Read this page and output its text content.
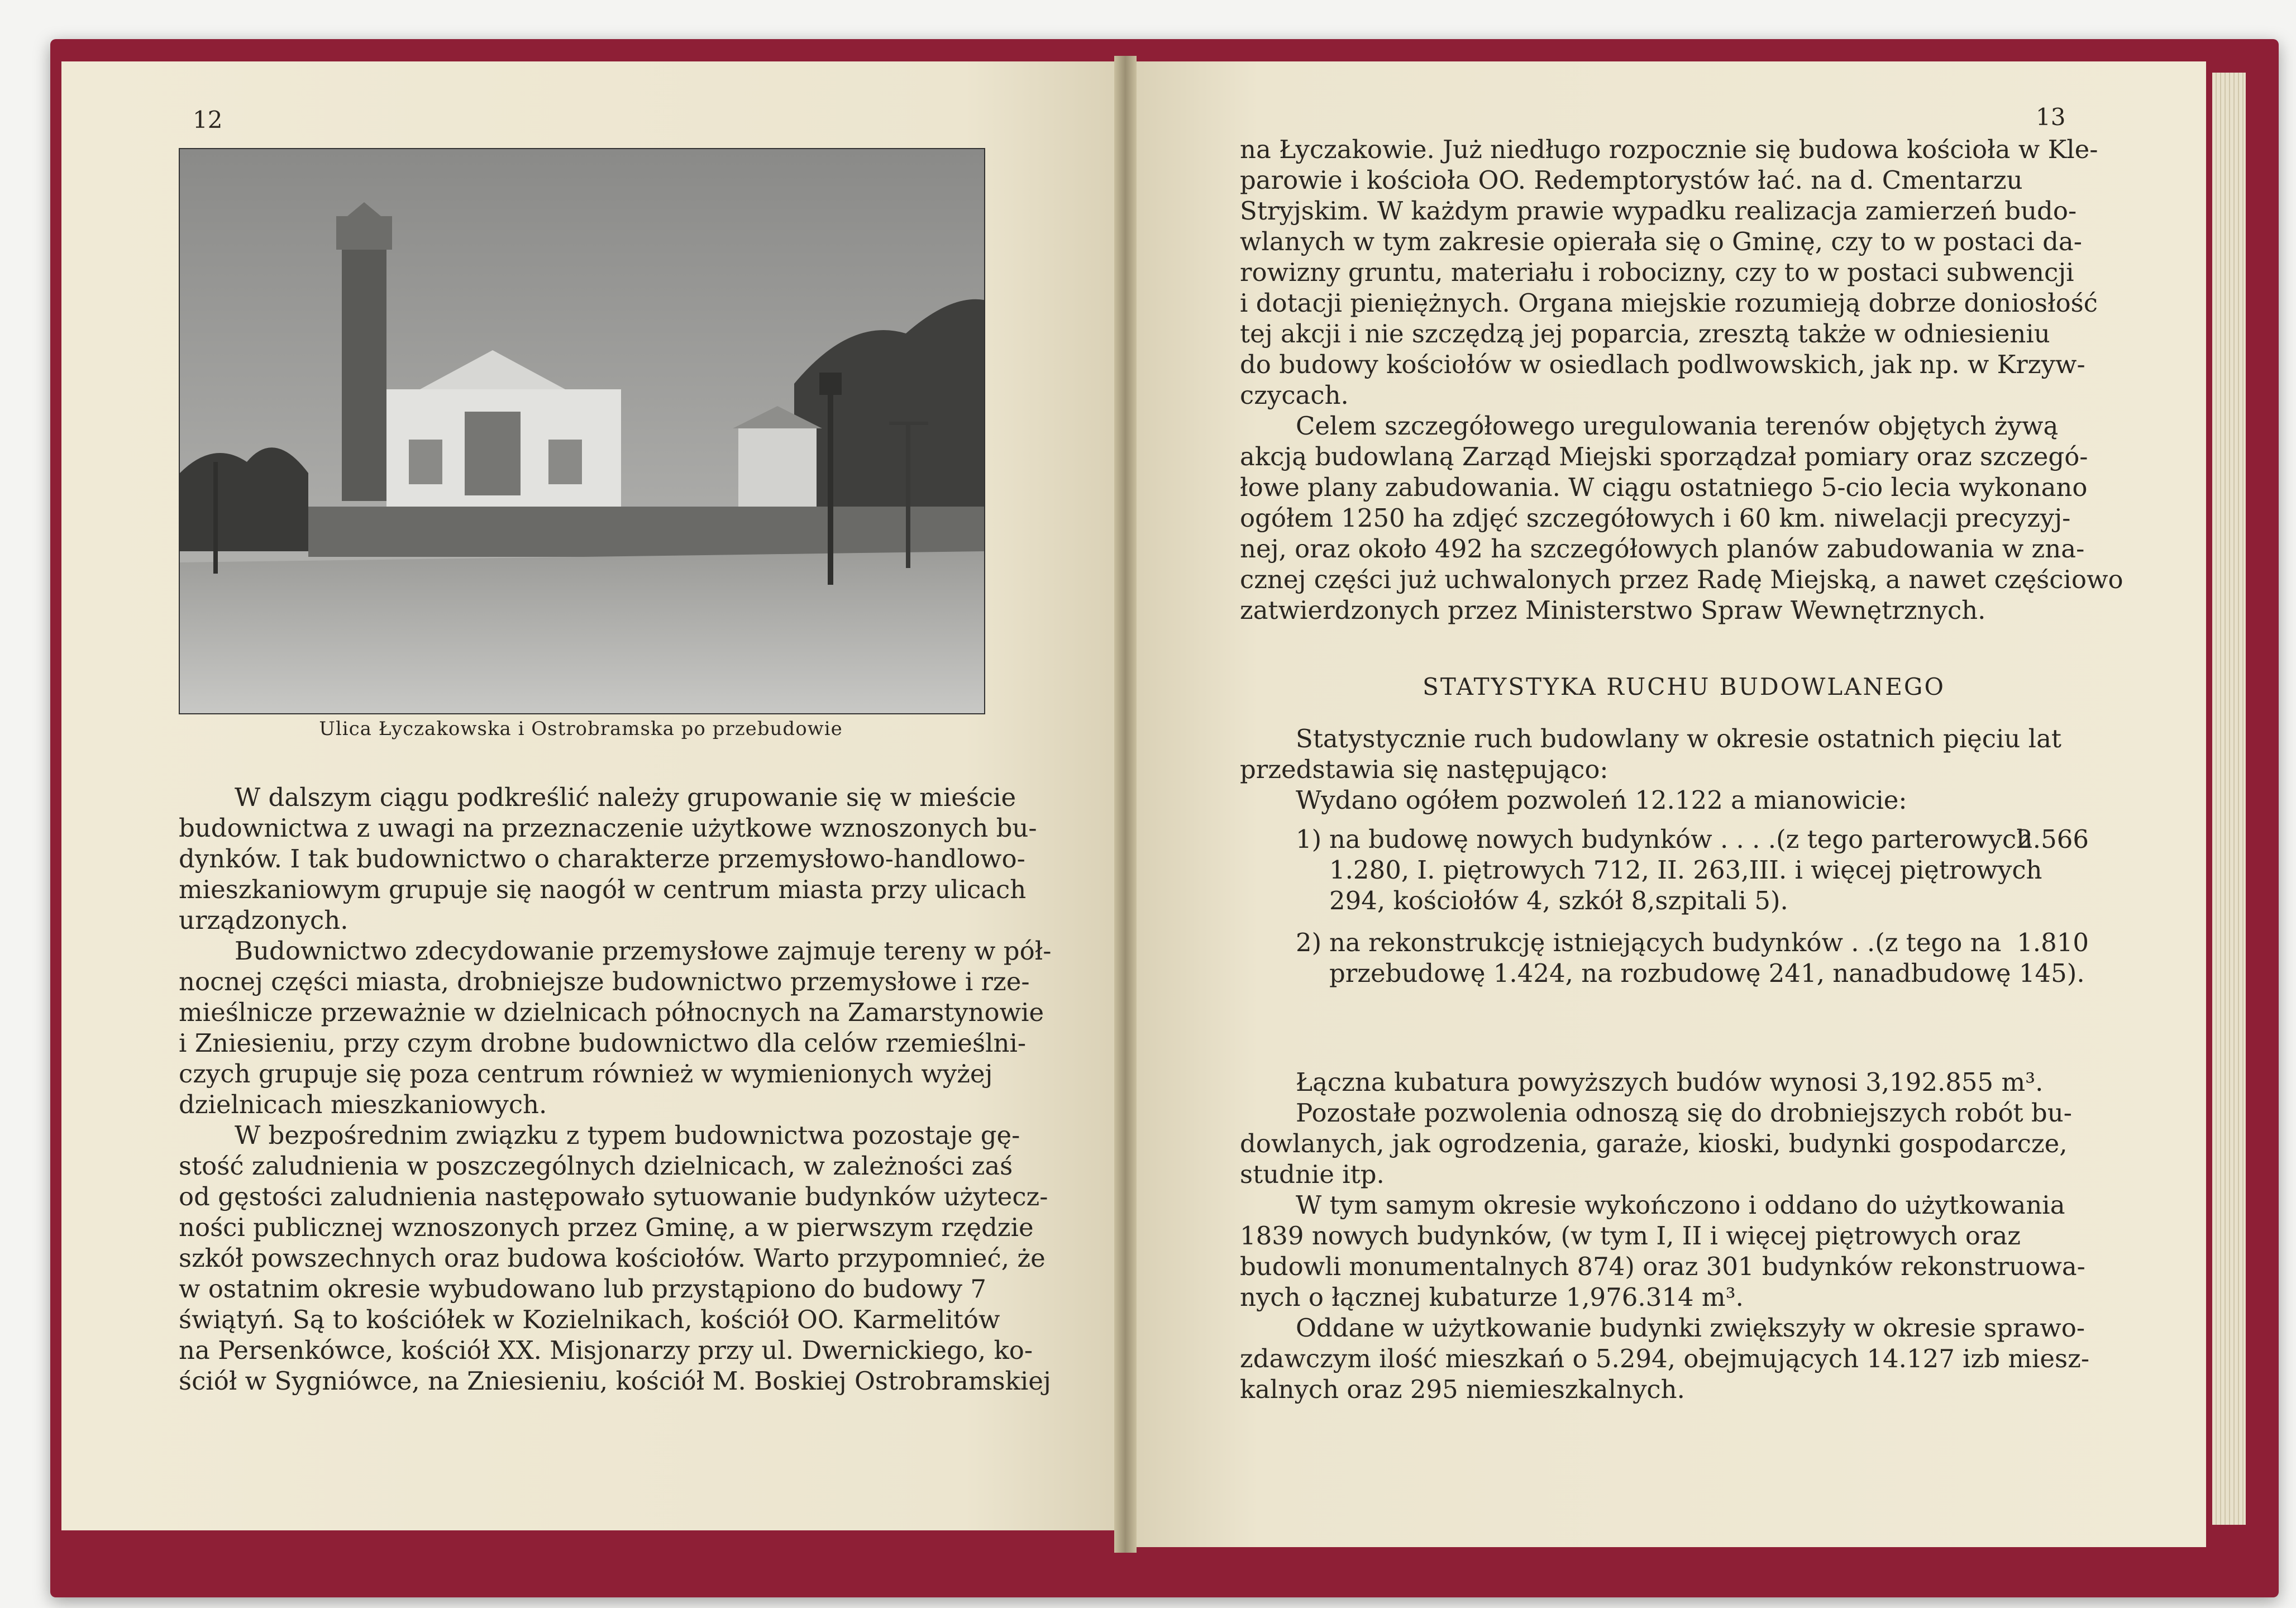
12
Ulica Łyczakowska i Ostrobramska po przebudowie

W dalszym ciągu podkreślić należy grupowanie się w mieście
budownictwa z uwagi na przeznaczenie użytkowe wznoszonych bu-
dynków. I tak budownictwo o charakterze przemysłowo-handlowo-
mieszkaniowym grupuje się naogół w centrum miasta przy ulicach
urządzonych.

Budownictwo zdecydowanie przemysłowe zajmuje tereny w pół-
nocnej części miasta, drobniejsze budownictwo przemysłowe i rze-
mieślnicze przeważnie w dzielnicach północnych na Zamarstynowie
i Zniesieniu, przy czym drobne budownictwo dla celów rzemieślni-
czych grupuje się poza centrum również w wymienionych wyżej
dzielnicach mieszkaniowych.

W bezpośrednim związku z typem budownictwa pozostaje gę-
stość zaludnienia w poszczególnych dzielnicach, w zależności zaś
od gęstości zaludnienia następowało sytuowanie budynków użytecz-
ności publicznej wznoszonych przez Gminę, a w pierwszym rzędzie
szkół powszechnych oraz budowa kościołów. Warto przypomnieć, że
w ostatnim okresie wybudowano lub przystąpiono do budowy 7
świątyń. Są to kościółek w Kozielnikach, kościół OO. Karmelitów
na Persenkówce, kościół XX. Misjonarzy przy ul. Dwernickiego, ko-
ściół w Sygniówce, na Zniesieniu, kościół M. Boskiej Ostrobramskiej

13

na Łyczakowie. Już niedługo rozpocznie się budowa kościoła w Kle-
parowie i kościoła OO. Redemptorystów łać. na d. Cmentarzu
Stryjskim. W każdym prawie wypadku realizacja zamierzeń budo-
wlanych w tym zakresie opierała się o Gminę, czy to w postaci da-
rowizny gruntu, materiału i robocizny, czy to w postaci subwencji
i dotacji pieniężnych. Organa miejskie rozumieją dobrze doniosłość
tej akcji i nie szczędzą jej poparcia, zresztą także w odniesieniu
do budowy kościołów w osiedlach podlwowskich, jak np. w Krzyw-
czycach.

Celem szczegółowego uregulowania terenów objętych żywą
akcją budowlaną Zarząd Miejski sporządzał pomiary oraz szczegó-
łowe plany zabudowania. W ciągu ostatniego 5-cio lecia wykonano
ogółem 1250 ha zdjęć szczegółowych i 60 km. niwelacji precyzyj-
nej, oraz około 492 ha szczegółowych planów zabudowania w zna-
cznej części już uchwalonych przez Radę Miejską, a nawet częściowo
zatwierdzonych przez Ministerstwo Spraw Wewnętrznych.

STATYSTYKA RUCHU BUDOWLANEGO

Statystycznie ruch budowlany w okresie ostatnich pięciu lat
przedstawia się następująco:

Wydano ogółem pozwoleń 12.122 a mianowicie:
1) na budowę nowych budynków . . . .(z tego parterowych 1.280, I. piętrowych 712, II. 263,III. i więcej piętrowych 294, kościołów 4, szkół 8,szpitali 5).
2.566
2) na rekonstrukcję istniejących budynków . .(z tego na przebudowę 1.424, na rozbudowę 241, nanadbudowę 145).
1.810

Łączna kubatura powyższych budów wynosi 3,192.855 m³.

Pozostałe pozwolenia odnoszą się do drobniejszych robót bu-
dowlanych, jak ogrodzenia, garaże, kioski, budynki gospodarcze,
studnie itp.

W tym samym okresie wykończono i oddano do użytkowania
1839 nowych budynków, (w tym I, II i więcej piętrowych oraz
budowli monumentalnych 874) oraz 301 budynków rekonstruowa-
nych o łącznej kubaturze 1,976.314 m³.

Oddane w użytkowanie budynki zwiększyły w okresie sprawo-
zdawczym ilość mieszkań o 5.294, obejmujących 14.127 izb miesz-
kalnych oraz 295 niemieszkalnych.
